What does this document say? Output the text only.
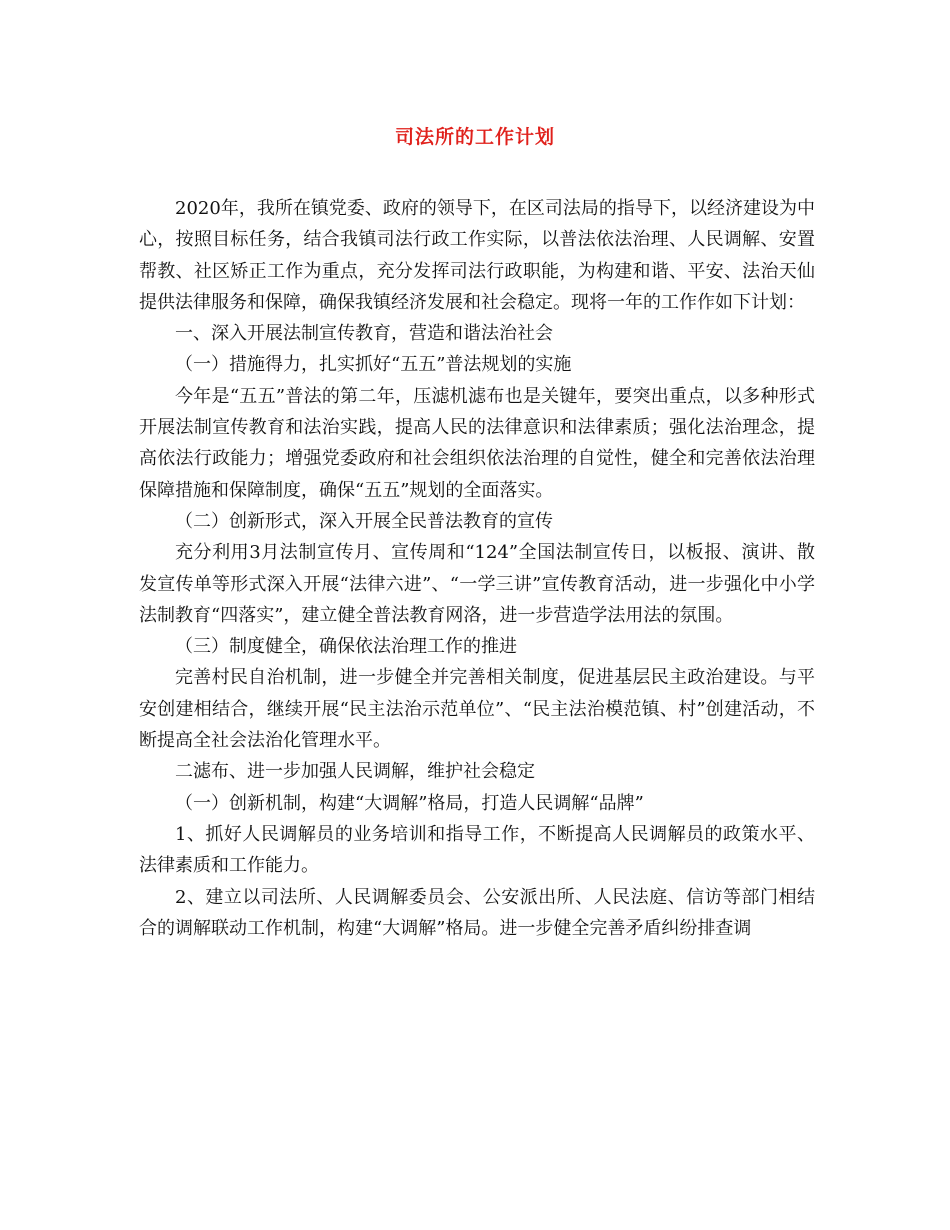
司法所的工作计划

2020年，我所在镇党委、政府的领导下，在区司法局的指导下，以经济建设为中心，按照目标任务，结合我镇司法行政工作实际，以普法依法治理、人民调解、安置帮教、社区矫正工作为重点，充分发挥司法行政职能，为构建和谐、平安、法治天仙提供法律服务和保障，确保我镇经济发展和社会稳定。现将一年的工作作如下计划：

一、深入开展法制宣传教育，营造和谐法治社会

（一）措施得力，扎实抓好“五五”普法规划的实施

今年是“五五”普法的第二年，压滤机滤布也是关键年，要突出重点，以多种形式开展法制宣传教育和法治实践，提高人民的法律意识和法律素质；强化法治理念，提高依法行政能力；增强党委政府和社会组织依法治理的自觉性，健全和完善依法治理保障措施和保障制度，确保“五五”规划的全面落实。

（二）创新形式，深入开展全民普法教育的宣传

充分利用3月法制宣传月、宣传周和“124”全国法制宣传日，以板报、演讲、散发宣传单等形式深入开展“法律六进”、“一学三讲”宣传教育活动，进一步强化中小学法制教育“四落实”，建立健全普法教育网洛，进一步营造学法用法的氛围。

（三）制度健全，确保依法治理工作的推进

完善村民自治机制，进一步健全并完善相关制度，促进基层民主政治建设。与平安创建相结合，继续开展“民主法治示范单位”、“民主法治模范镇、村”创建活动，不断提高全社会法治化管理水平。

二滤布、进一步加强人民调解，维护社会稳定

（一）创新机制，构建“大调解”格局，打造人民调解“品牌”

1、抓好人民调解员的业务培训和指导工作，不断提高人民调解员的政策水平、法律素质和工作能力。

2、建立以司法所、人民调解委员会、公安派出所、人民法庭、信访等部门相结合的调解联动工作机制，构建“大调解”格局。进一步健全完善矛盾纠纷排查调
